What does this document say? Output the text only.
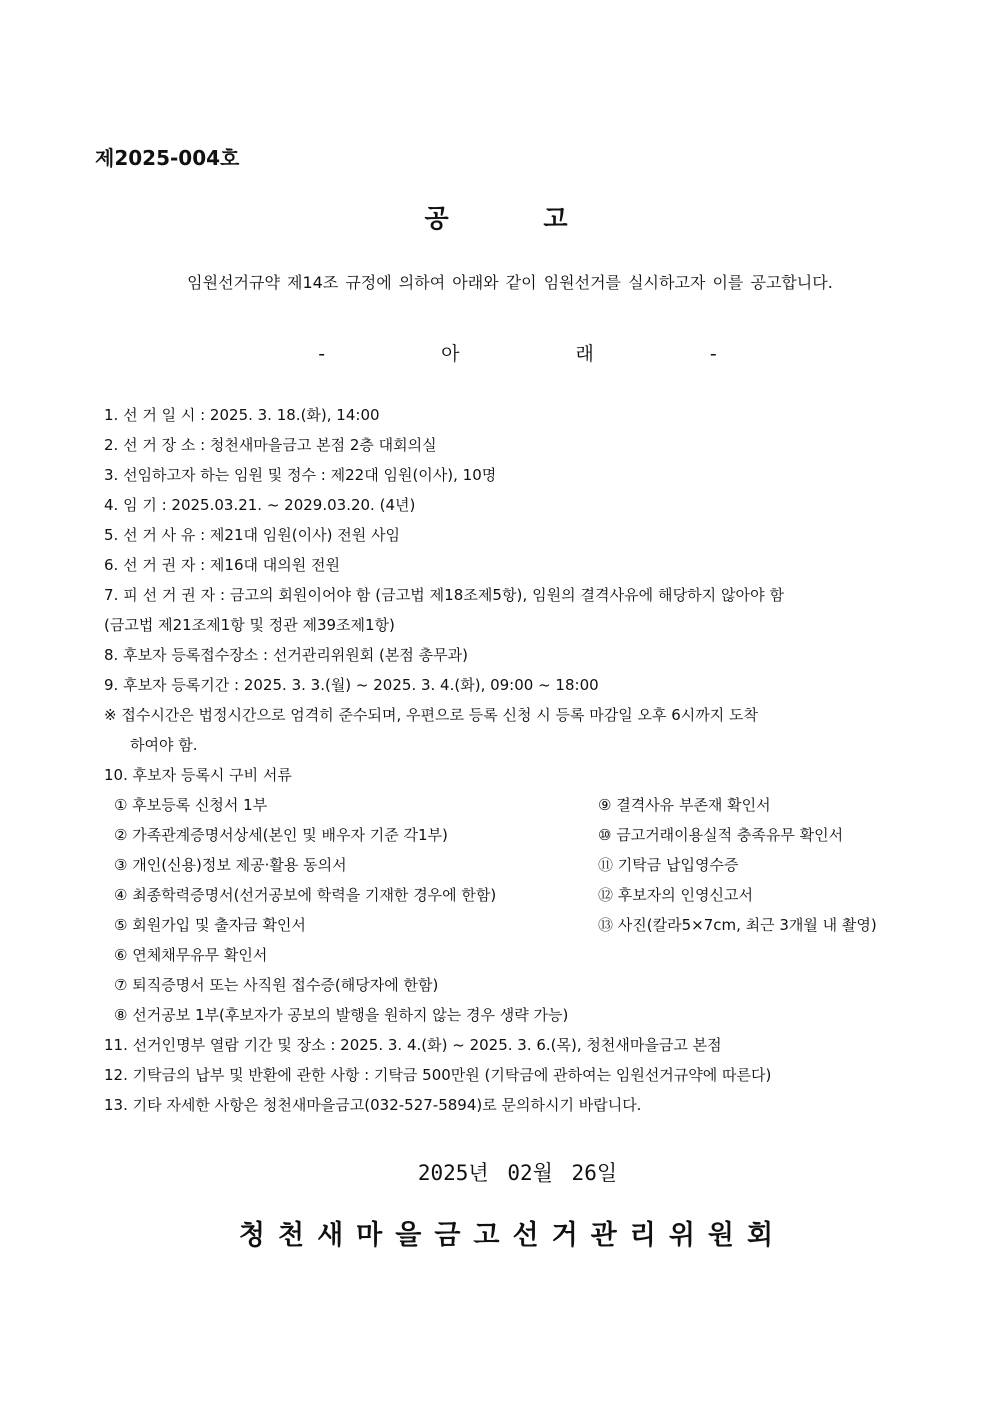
제2025-004호
공 고
임원선거규약 제14조 규정에 의하여 아래와 같이 임원선거를 실시하고자 이를 공고합니다.
- 아 래 -
1. 선 거 일 시 : 2025. 3. 18.(화), 14:00
2. 선 거 장 소 : 청천새마을금고 본점 2층 대회의실
3. 선임하고자 하는 임원 및 정수 : 제22대 임원(이사), 10명
4. 임 기 : 2025.03.21. ~ 2029.03.20. (4년)
5. 선 거 사 유 : 제21대 임원(이사) 전원 사임
6. 선 거 권 자 : 제16대 대의원 전원
7. 피 선 거 권 자 : 금고의 회원이어야 함 (금고법 제18조제5항), 임원의 결격사유에 해당하지 않아야 함
(금고법 제21조제1항 및 정관 제39조제1항)
8. 후보자 등록접수장소 : 선거관리위원회 (본점 총무과)
9. 후보자 등록기간 : 2025. 3. 3.(월) ~ 2025. 3. 4.(화), 09:00 ~ 18:00
※ 접수시간은 법정시간으로 엄격히 준수되며, 우편으로 등록 신청 시 등록 마감일 오후 6시까지 도착
하여야 함.
10. 후보자 등록시 구비 서류
① 후보등록 신청서 1부	⑨ 결격사유 부존재 확인서
② 가족관계증명서상세(본인 및 배우자 기준 각1부)	⑩ 금고거래이용실적 충족유무 확인서
③ 개인(신용)정보 제공·활용 동의서	⑪ 기탁금 납입영수증
④ 최종학력증명서(선거공보에 학력을 기재한 경우에 한함)	⑫ 후보자의 인영신고서
⑤ 회원가입 및 출자금 확인서	⑬ 사진(칼라5×7cm, 최근 3개월 내 촬영)
⑥ 연체채무유무 확인서
⑦ 퇴직증명서 또는 사직원 접수증(해당자에 한함)
⑧ 선거공보 1부(후보자가 공보의 발행을 원하지 않는 경우 생략 가능)
11. 선거인명부 열람 기간 및 장소 : 2025. 3. 4.(화) ~ 2025. 3. 6.(목), 청천새마을금고 본점
12. 기탁금의 납부 및 반환에 관한 사항 : 기탁금 500만원 (기탁금에 관하여는 임원선거규약에 따른다)
13. 기타 자세한 사항은 청천새마을금고(032-527-5894)로 문의하시기 바랍니다.
2025년 02월 26일
청천새마을금고선거관리위원회
